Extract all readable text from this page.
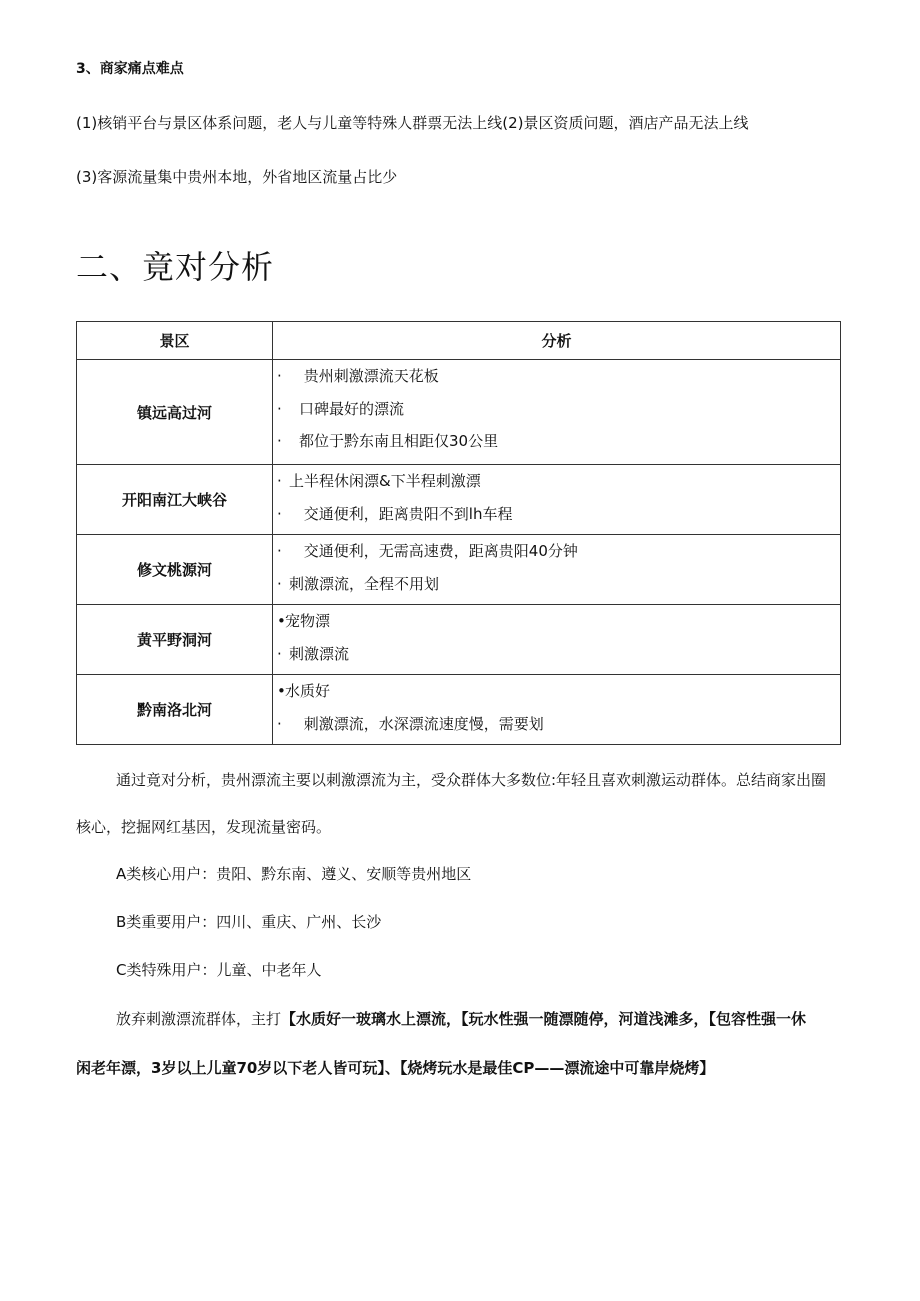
3、商家痛点难点
(1)核销平台与景区体系问题，老人与儿童等特殊人群票无法上线(2)景区资质问题，酒店产品无法上线
(3)客源流量集中贵州本地，外省地区流量占比少
二、竟对分析
景区	分析
镇远高过河	· 贵州刺激漂流天花板
· 口碑最好的漂流
· 都位于黔东南且相距仅30公里

开阳南江大峡谷	· 上半程休闲漂&下半程刺激漂
· 交通便利，距离贵阳不到lh车程

修文桃源河	· 交通便利，无需高速费，距离贵阳40分钟
· 刺激漂流，全程不用划

黄平野洞河	•宠物漂
· 刺激漂流

黔南洛北河	•水质好
· 刺激漂流，水深漂流速度慢，需要划
通过竟对分析，贵州漂流主要以刺激漂流为主，受众群体大多数位:年轻且喜欢刺激运动群体。总结商家出圈
核心，挖掘网红基因，发现流量密码。
A类核心用户：贵阳、黔东南、遵义、安顺等贵州地区
B类重要用户：四川、重庆、广州、长沙
C类特殊用户：儿童、中老年人
放弃刺激漂流群体，主打【水质好一玻璃水上漂流，【玩水性强一随漂随停，河道浅滩多，【包容性强一休
闲老年漂，3岁以上儿童70岁以下老人皆可玩】、【烧烤玩水是最佳CP——漂流途中可靠岸烧烤】
